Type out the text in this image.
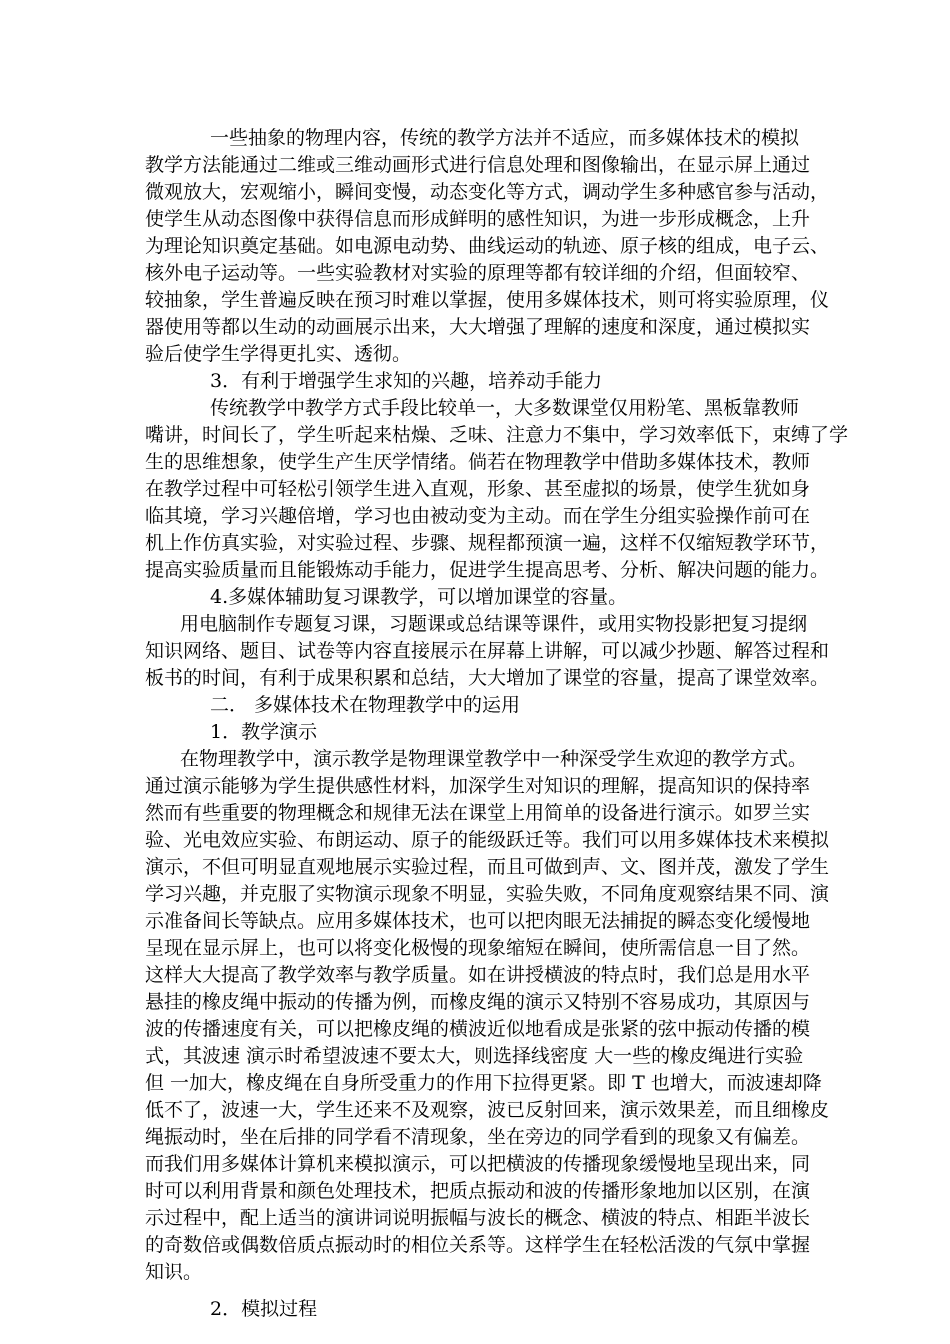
一些抽象的物理内容，传统的教学方法并不适应，而多媒体技术的模拟
教学方法能通过二维或三维动画形式进行信息处理和图像输出，在显示屏上通过
微观放大，宏观缩小，瞬间变慢，动态变化等方式，调动学生多种感官参与活动，
使学生从动态图像中获得信息而形成鲜明的感性知识，为进一步形成概念，上升
为理论知识奠定基础。如电源电动势、曲线运动的轨迹、原子核的组成，电子云、
核外电子运动等。一些实验教材对实验的原理等都有较详细的介绍，但面较窄、
较抽象，学生普遍反映在预习时难以掌握，使用多媒体技术，则可将实验原理，仪
器使用等都以生动的动画展示出来，大大增强了理解的速度和深度，通过模拟实
验后使学生学得更扎实、透彻。
3．有利于增强学生求知的兴趣，培养动手能力
传统教学中教学方式手段比较单一，大多数课堂仅用粉笔、黑板靠教师
嘴讲，时间长了，学生听起来枯燥、乏味、注意力不集中，学习效率低下，束缚了学
生的思维想象，使学生产生厌学情绪。倘若在物理教学中借助多媒体技术，教师
在教学过程中可轻松引领学生进入直观，形象、甚至虚拟的场景，使学生犹如身
临其境，学习兴趣倍增，学习也由被动变为主动。而在学生分组实验操作前可在
机上作仿真实验，对实验过程、步骤、规程都预演一遍，这样不仅缩短教学环节，
提高实验质量而且能锻炼动手能力，促进学生提高思考、分析、解决问题的能力。
4.多媒体辅助复习课教学，可以增加课堂的容量。
用电脑制作专题复习课，习题课或总结课等课件，或用实物投影把复习提纲
知识网络、题目、试卷等内容直接展示在屏幕上讲解，可以减少抄题、解答过程和
板书的时间，有利于成果积累和总结，大大增加了课堂的容量，提高了课堂效率。
二． 多媒体技术在物理教学中的运用
1．教学演示
在物理教学中，演示教学是物理课堂教学中一种深受学生欢迎的教学方式。
通过演示能够为学生提供感性材料，加深学生对知识的理解，提高知识的保持率
然而有些重要的物理概念和规律无法在课堂上用简单的设备进行演示。如罗兰实
验、光电效应实验、布朗运动、原子的能级跃迁等。我们可以用多媒体技术来模拟
演示，不但可明显直观地展示实验过程，而且可做到声、文、图并茂，激发了学生
学习兴趣，并克服了实物演示现象不明显，实验失败，不同角度观察结果不同、演
示准备间长等缺点。应用多媒体技术，也可以把肉眼无法捕捉的瞬态变化缓慢地
呈现在显示屏上，也可以将变化极慢的现象缩短在瞬间，使所需信息一目了然。
这样大大提高了教学效率与教学质量。如在讲授横波的特点时，我们总是用水平
悬挂的橡皮绳中振动的传播为例，而橡皮绳的演示又特别不容易成功，其原因与
波的传播速度有关，可以把橡皮绳的横波近似地看成是张紧的弦中振动传播的模
式，其波速 演示时希望波速不要太大，则选择线密度 大一些的橡皮绳进行实验
但 一加大，橡皮绳在自身所受重力的作用下拉得更紧。即 T 也增大，而波速却降
低不了，波速一大，学生还来不及观察，波已反射回来，演示效果差，而且细橡皮
绳振动时，坐在后排的同学看不清现象，坐在旁边的同学看到的现象又有偏差。
而我们用多媒体计算机来模拟演示，可以把横波的传播现象缓慢地呈现出来，同
时可以利用背景和颜色处理技术，把质点振动和波的传播形象地加以区别，在演
示过程中，配上适当的演讲词说明振幅与波长的概念、横波的特点、相距半波长
的奇数倍或偶数倍质点振动时的相位关系等。这样学生在轻松活泼的气氛中掌握
知识。
2．模拟过程
